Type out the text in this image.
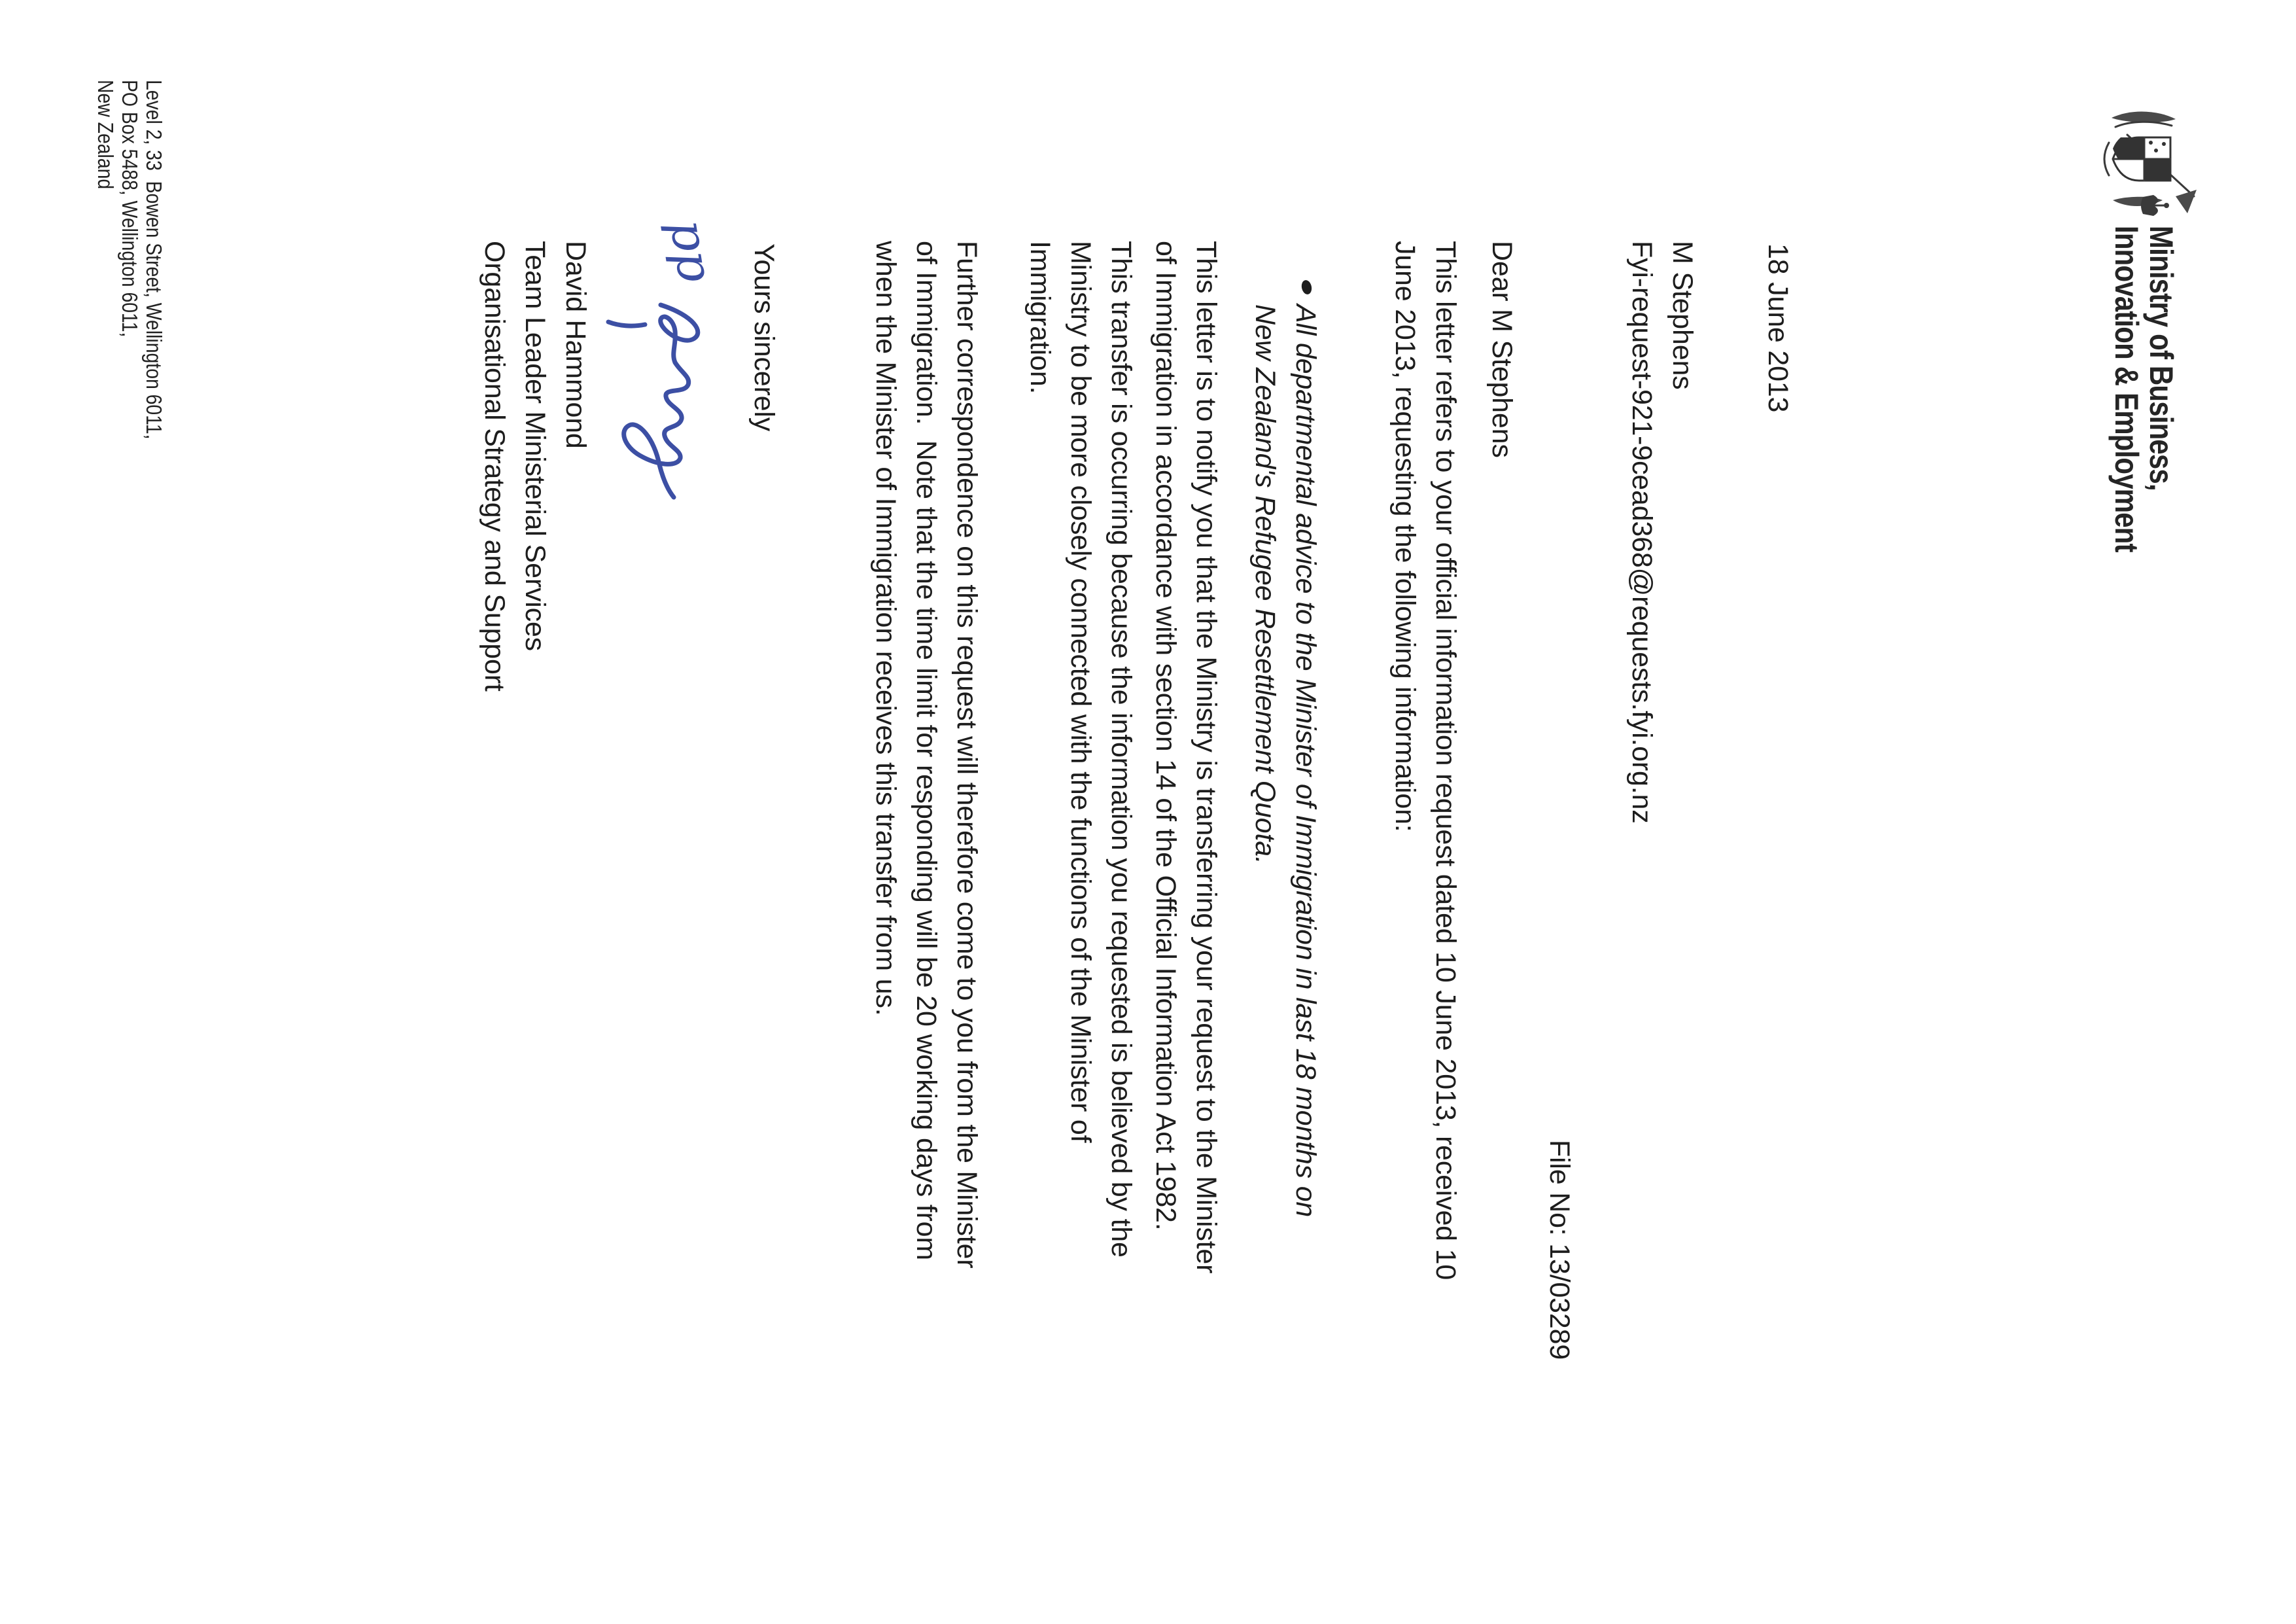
Ministry of Business,
Innovation & Employment
18 June 2013
File No: 13/03289
M Stephens
Fyi-request-921-9cead368@requests.fyi.org.nz
Dear M Stephens
This letter refers to your official information request dated 10 June 2013, received 10
June 2013, requesting the following information:
All departmental advice to the Minister of Immigration in last 18 months on
New Zealand's Refugee Resettlement Quota.
This letter is to notify you that the Ministry is transferring your request to the Minister
of Immigration in accordance with section 14 of the Official Information Act 1982.
This transfer is occurring because the information you requested is believed by the
Ministry to be more closely connected with the functions of the Minister of
Immigration.
Further correspondence on this request will therefore come to you from the Minister
of Immigration.  Note that the time limit for responding will be 20 working days from
when the Minister of Immigration receives this transfer from us.
Yours sincerely
pp
David Hammond
Team Leader Ministerial Services
Organisational Strategy and Support
Level 2, 33  Bowen Street, Wellington 6011,
PO Box 5488, Wellington 6011,
New Zealand
